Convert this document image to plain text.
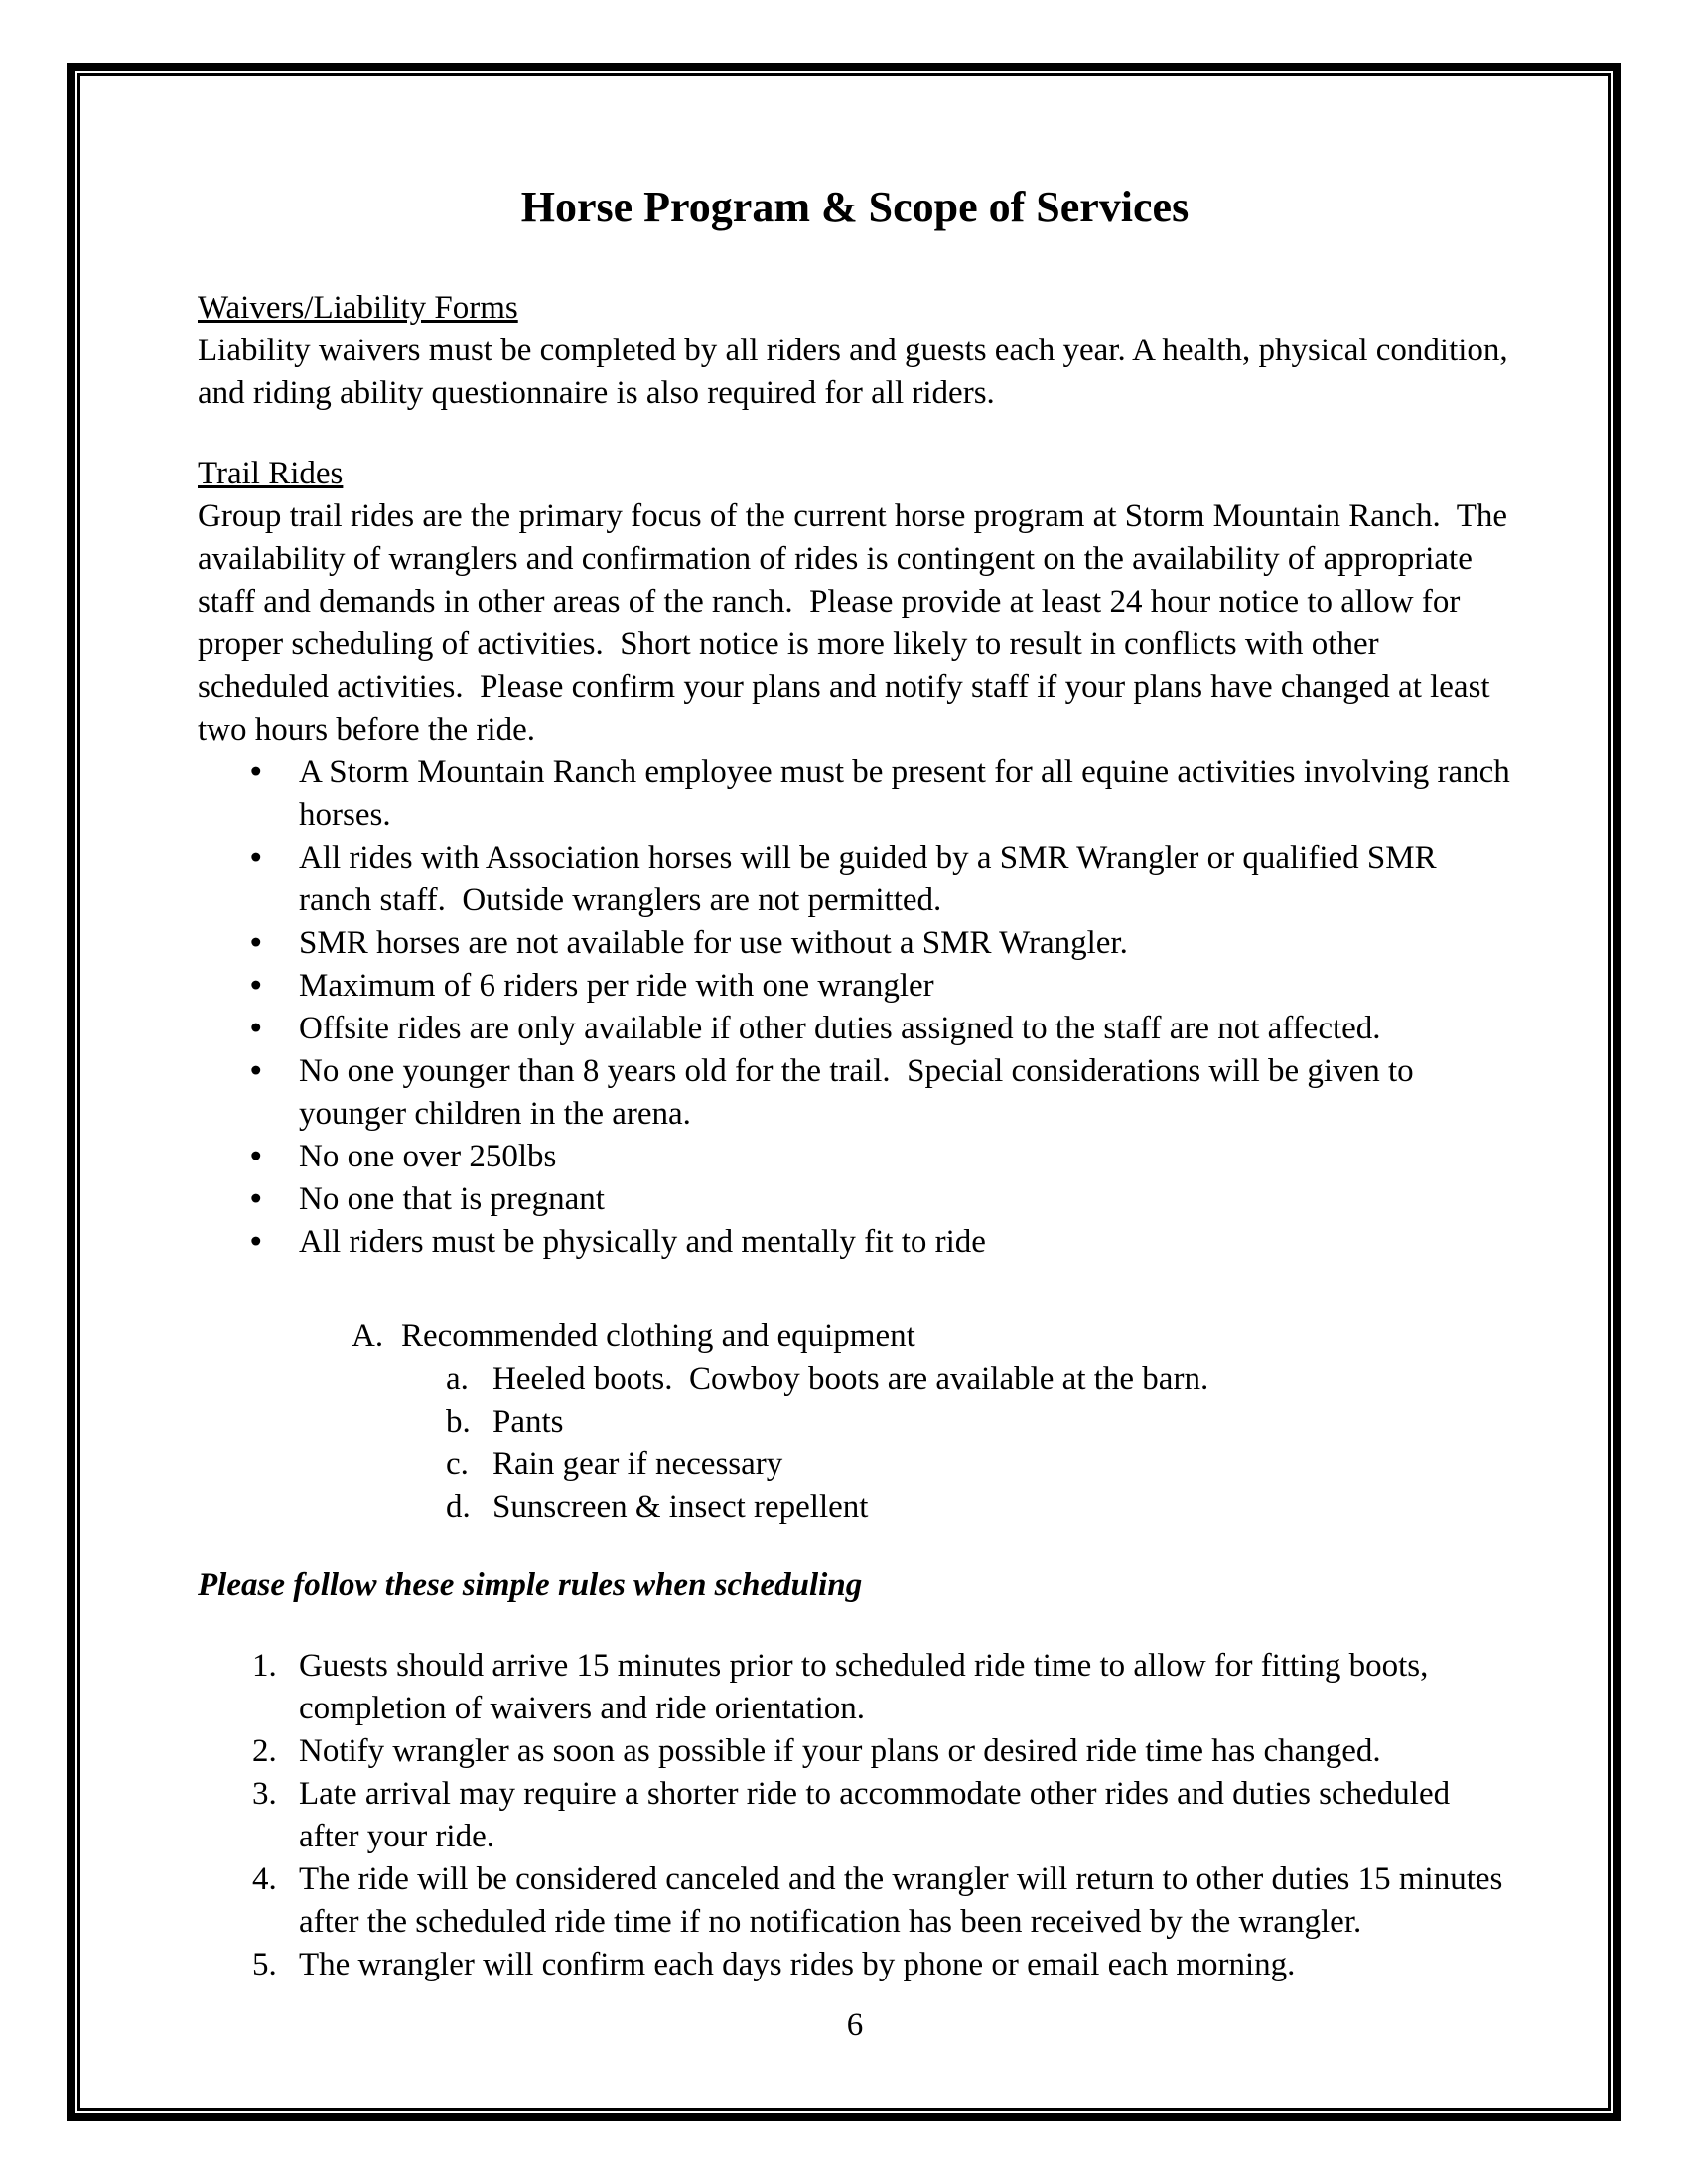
Horse Program & Scope of Services
Waivers/Liability Forms

Liability waivers must be completed by all riders and guests each year. A health, physical condition, and riding ability questionnaire is also required for all riders.

Trail Rides

Group trail rides are the primary focus of the current horse program at Storm Mountain Ranch.  The availability of wranglers and confirmation of rides is contingent on the availability of appropriate staff and demands in other areas of the ranch.  Please provide at least 24 hour notice to allow for proper scheduling of activities.  Short notice is more likely to result in conflicts with other scheduled activities.  Please confirm your plans and notify staff if your plans have changed at least two hours before the ride.

•	A Storm Mountain Ranch employee must be present for all equine activities involving ranch horses.
•	All rides with Association horses will be guided by a SMR Wrangler or qualified SMR ranch staff.  Outside wranglers are not permitted.
•	SMR horses are not available for use without a SMR Wrangler.
•	Maximum of 6 riders per ride with one wrangler
•	Offsite rides are only available if other duties assigned to the staff are not affected.
•	No one younger than 8 years old for the trail.  Special considerations will be given to younger children in the arena.
•	No one over 250lbs
•	No one that is pregnant
•	All riders must be physically and mentally fit to ride
A. Recommended clothing and equipment
a. Heeled boots.  Cowboy boots are available at the barn.
b. Pants
c. Rain gear if necessary
d. Sunscreen & insect repellent
Please follow these simple rules when scheduling
1. Guests should arrive 15 minutes prior to scheduled ride time to allow for fitting boots, completion of waivers and ride orientation.
2. Notify wrangler as soon as possible if your plans or desired ride time has changed.
3. Late arrival may require a shorter ride to accommodate other rides and duties scheduled after your ride.
4. The ride will be considered canceled and the wrangler will return to other duties 15 minutes after the scheduled ride time if no notification has been received by the wrangler.
5. The wrangler will confirm each days rides by phone or email each morning.
6
